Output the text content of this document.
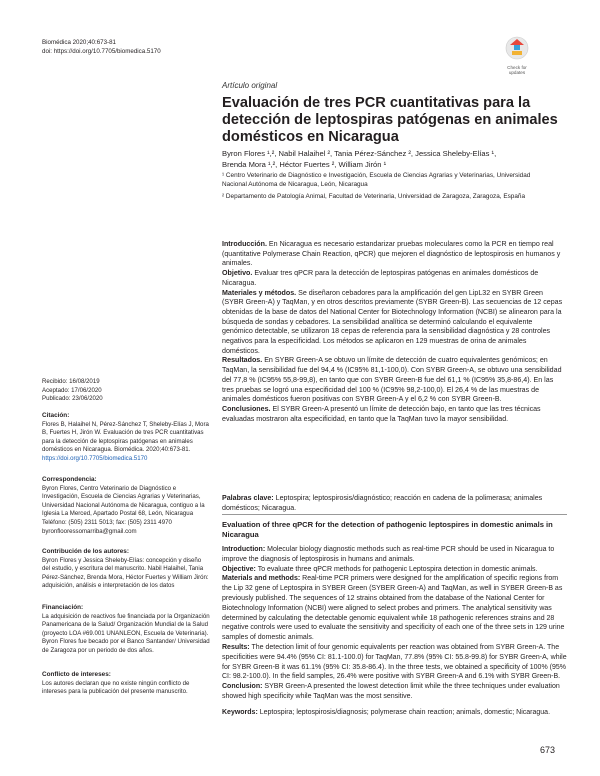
Biomédica 2020;40:673-81
doi: https://doi.org/10.7705/biomedica.5170
Check for
updates
Artículo original
Evaluación de tres PCR cuantitativas para la detección de leptospiras patógenas en animales domésticos en Nicaragua
Byron Flores ¹,², Nabil Halaihel ², Tania Pérez-Sánchez ², Jessica Sheleby-Elías ¹,
Brenda Mora ¹,², Héctor Fuertes ², William Jirón ¹
¹ Centro Veterinario de Diagnóstico e Investigación, Escuela de Ciencias Agrarias y Veterinarias, Universidad Nacional Autónoma de Nicaragua, León, Nicaragua
² Departamento de Patología Animal, Facultad de Veterinaria, Universidad de Zaragoza, Zaragoza, España

Introducción. En Nicaragua es necesario estandarizar pruebas moleculares como la PCR en tiempo real (quantitative Polymerase Chain Reaction, qPCR) que mejoren el diagnóstico de leptospirosis en humanos y animales.

Objetivo. Evaluar tres qPCR para la detección de leptospiras patógenas en animales domésticos de Nicaragua.

Materiales y métodos. Se diseñaron cebadores para la amplificación del gen LipL32 en SYBR Green (SYBR Green-A) y TaqMan, y en otros descritos previamente (SYBR Green-B). Las secuencias de 12 cepas obtenidas de la base de datos del National Center for Biotechnology Information (NCBI) se alinearon para la búsqueda de sondas y cebadores. La sensibilidad analítica se determinó calculando el equivalente genómico detectable, se utilizaron 18 cepas de referencia para la sensibilidad diagnóstica y 28 controles negativos para la especificidad. Los métodos se aplicaron en 129 muestras de orina de animales domésticos.

Resultados. En SYBR Green-A se obtuvo un límite de detección de cuatro equivalentes genómicos; en TaqMan, la sensibilidad fue del 94,4 % (IC95% 81,1-100,0). Con SYBR Green-A, se obtuvo una sensibilidad del 77,8 % (IC95% 55,8-99,8), en tanto que con SYBR Green-B fue del 61,1 % (IC95% 35,8-86,4). En las tres pruebas se logró una especificidad del 100 % (IC95% 98,2-100,0). El 26,4 % de las muestras de animales domésticos fueron positivas con SYBR Green-A y el 6,2 % con SYBR Green-B.

Conclusiones. El SYBR Green-A presentó un límite de detección bajo, en tanto que las tres técnicas evaluadas mostraron alta especificidad, en tanto que la TaqMan tuvo la mayor sensibilidad.

Palabras clave: Leptospira; leptospirosis/diagnóstico; reacción en cadena de la polimerasa; animales domésticos; Nicaragua.
Evaluation of three qPCR for the detection of pathogenic leptospires in domestic animals in Nicaragua

Introduction: Molecular biology diagnostic methods such as real-time PCR should be used in Nicaragua to improve the diagnosis of leptospirosis in humans and animals.

Objective: To evaluate three qPCR methods for pathogenic Leptospira detection in domestic animals.

Materials and methods: Real-time PCR primers were designed for the amplification of specific regions from the Lip 32 gene of Leptospira in SYBER Green (SYBER Green-A) and TaqMan, as well in SYBER Green-B as previously published. The sequences of 12 strains obtained from the database of the National Center for Biotechnology Information (NCBI) were aligned to select probes and primers. The analytical sensitivity was determined by calculating the detectable genomic equivalent while 18 pathogenic references strains and 28 negative controls were used to evaluate the sensitivity and specificity of each one of the three sets in 129 urine samples of domestic animals.

Results: The detection limit of four genomic equivalents per reaction was obtained from SYBR Green-A. The specificities were 94.4% (95% CI: 81.1-100.0) for TaqMan, 77.8% (95% CI: 55.8-99.8) for SYBR Green-A, while for SYBR Green-B it was 61.1% (95% CI: 35.8-86.4). In the three tests, we obtained a specificity of 100% (95% CI: 98.2-100.0). In the field samples, 26.4% were positive with SYBR Green-A and 6.1% with SYBR Green-B.

Conclusion: SYBR Green-A presented the lowest detection limit while the three techniques under evaluation showed high specificity while TaqMan was the most sensitive.

Keywords: Leptospira; leptospirosis/diagnosis; polymerase chain reaction; animals, domestic; Nicaragua.

Recibido: 16/08/2019
Aceptado: 17/06/2020
Publicado: 23/06/2020
Citación:
Flores B, Halaihel N, Pérez-Sánchez T, Sheleby-Elías J, Mora B, Fuertes H, Jirón W. Evaluación de tres PCR cuantitativas para la detección de leptospiras patógenas en animales domésticos en Nicaragua. Biomédica. 2020;40:673-81.
https://doi.org/10.7705/biomedica.5170
Correspondencia:
Byron Flores, Centro Veterinario de Diagnóstico e Investigación, Escuela de Ciencias Agrarias y Veterinarias, Universidad Nacional Autónoma de Nicaragua, contiguo a la Iglesia La Merced, Apartado Postal 68, León, Nicaragua
Teléfono: (505) 2311 5013; fax: (505) 2311 4970
byronflooressomarriba@gmail.com
Contribución de los autores:
Byron Flores y Jessica Sheleby-Elías: concepción y diseño del estudio, y escritura del manuscrito. Nabil Halaihel, Tania Pérez-Sánchez, Brenda Mora, Héctor Fuertes y William Jirón: adquisición, análisis e interpretación de los datos
Financiación:
La adquisición de reactivos fue financiada por la Organización Panamericana de la Salud/ Organización Mundial de la Salud (proyecto LOA #69.001 UNANLEON, Escuela de Veterinaria). Byron Flores fue becado por el Banco Santander/ Universidad de Zaragoza por un periodo de dos años.
Conflicto de intereses:
Los autores declaran que no existe ningún conflicto de intereses para la publicación del presente manuscrito.
673
